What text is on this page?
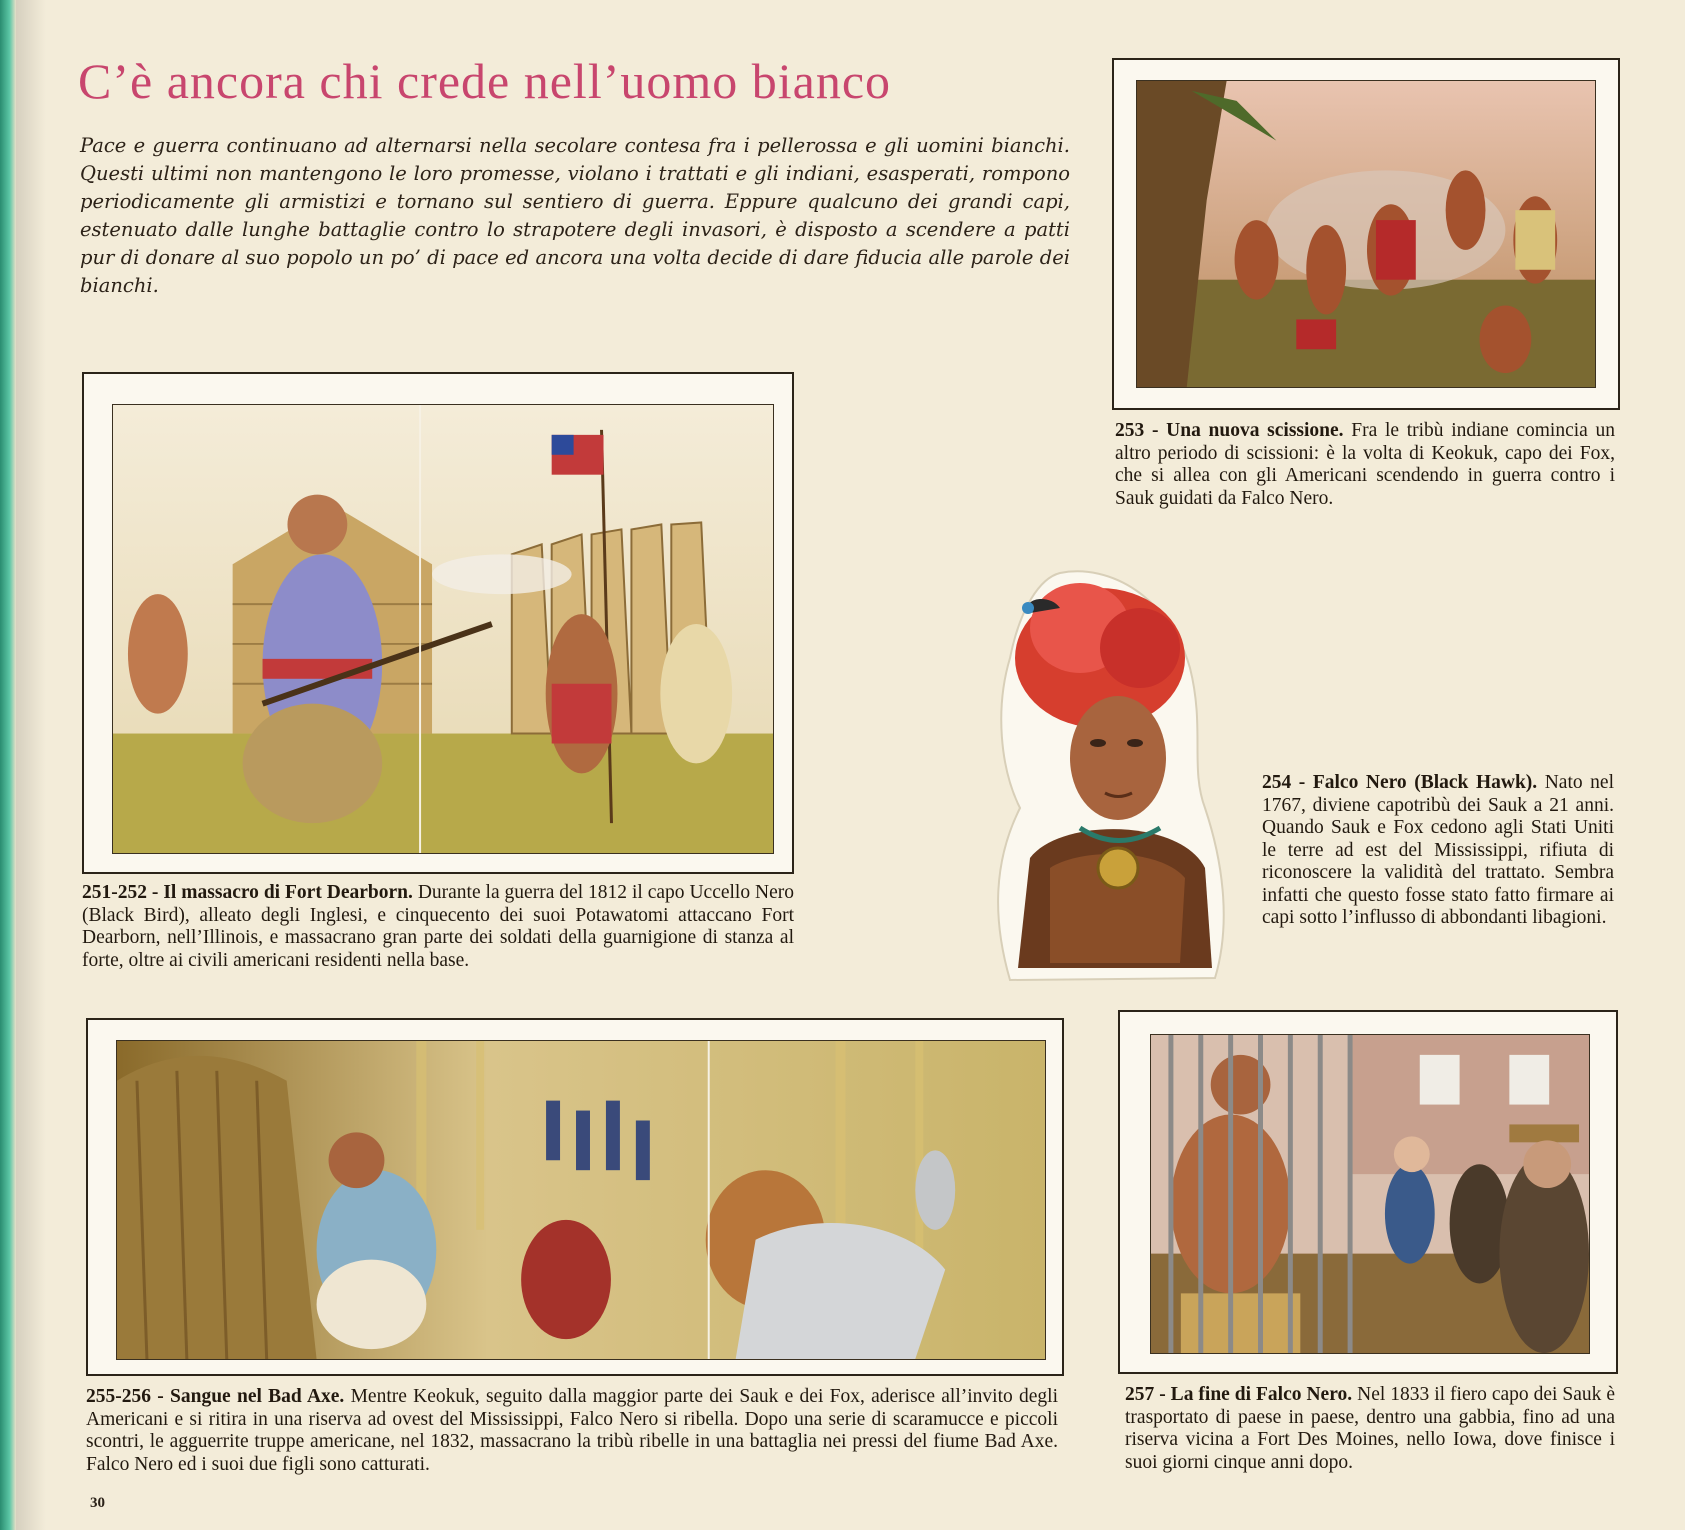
C’è ancora chi crede nell’uomo bianco

Pace e guerra continuano ad alternarsi nella secolare contesa fra i pellerossa e gli uomini bianchi. Questi ultimi non mantengono le loro promesse, violano i trattati e gli indiani, esasperati, rompono periodicamente gli armistizi e tornano sul sentiero di guerra. Eppure qualcuno dei grandi capi, estenuato dalle lunghe battaglie contro lo strapotere degli invasori, è disposto a scendere a patti pur di donare al suo popolo un po’ di pace ed ancora una volta decide di dare fiducia alle parole dei bianchi.

253 - Una nuova scissione. Fra le tribù indiane comincia un altro periodo di scissioni: è la volta di Keokuk, capo dei Fox, che si allea con gli Americani scendendo in guerra contro i Sauk guidati da Falco Nero.

251-252 - Il massacro di Fort Dearborn. Durante la guerra del 1812 il capo Uccello Nero (Black Bird), alleato degli Inglesi, e cinquecento dei suoi Potawatomi attaccano Fort Dearborn, nell’Illinois, e massacrano gran parte dei soldati della guarnigione di stanza al forte, oltre ai civili americani residenti nella base.

254 - Falco Nero (Black Hawk). Nato nel 1767, diviene capotribù dei Sauk a 21 anni. Quando Sauk e Fox cedono agli Stati Uniti le terre ad est del Mississippi, rifiuta di riconoscere la validità del trattato. Sembra infatti che questo fosse stato fatto firmare ai capi sotto l’influsso di abbondanti libagioni.

255-256 - Sangue nel Bad Axe. Mentre Keokuk, seguito dalla maggior parte dei Sauk e dei Fox, aderisce all’invito degli Americani e si ritira in una riserva ad ovest del Mississippi, Falco Nero si ribella. Dopo una serie di scaramucce e piccoli scontri, le agguerrite truppe americane, nel 1832, massacrano la tribù ribelle in una battaglia nei pressi del fiume Bad Axe. Falco Nero ed i suoi due figli sono catturati.

257 - La fine di Falco Nero. Nel 1833 il fiero capo dei Sauk è trasportato di paese in paese, dentro una gabbia, fino ad una riserva vicina a Fort Des Moines, nello Iowa, dove finisce i suoi giorni cinque anni dopo.

30
